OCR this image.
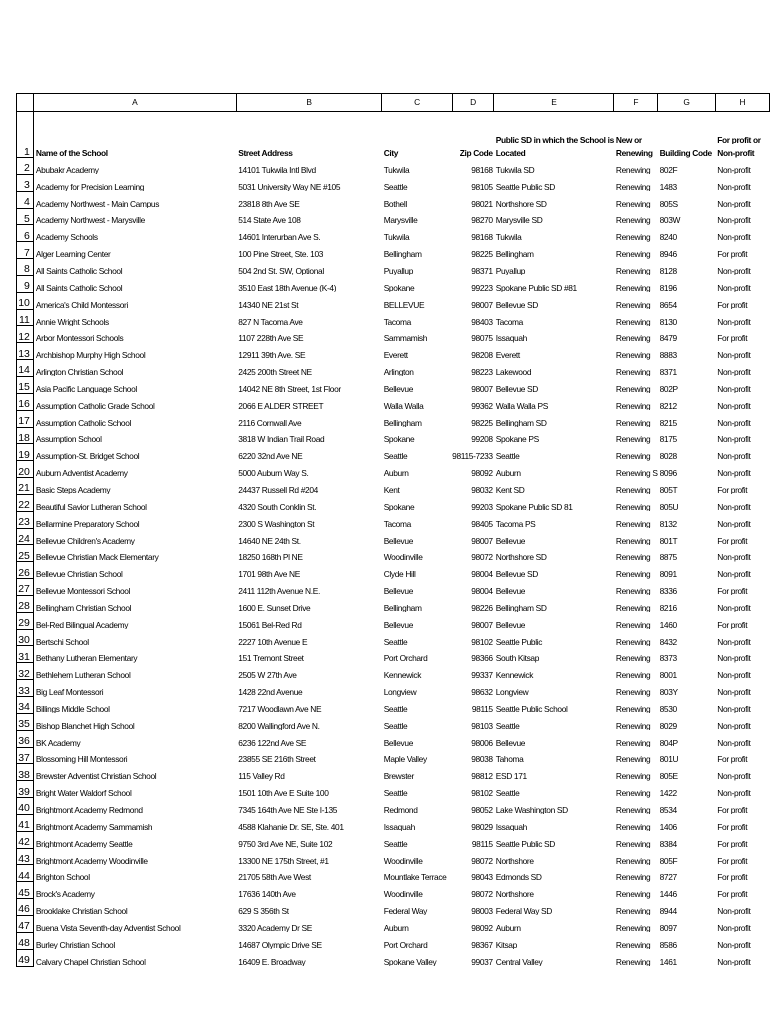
	A	B	C	D	E	F	G	H

					Public SD in which the School is	New or		For profit or
1	Name of the School	Street Address	City	Zip Code	Located	Renewing	Building Code	Non-profit
2	Abubakr Academy	14101 Tukwila Intl Blvd	Tukwila	98168	Tukwila SD	Renewing	802F	Non-profit
3	Academy for Precision Learning	5031 University Way NE #105	Seattle	98105	Seattle Public SD	Renewing	1483	Non-profit
4	Academy Northwest - Main Campus	23818 8th Ave SE	Bothell	98021	Northshore SD	Renewing	805S	Non-profit
5	Academy Northwest - Marysville	514 State Ave 108	Marysville	98270	Marysville SD	Renewing	803W	Non-profit
6	Academy Schools	14601 Interurban Ave S.	Tukwila	98168	Tukwila	Renewing	8240	Non-profit
7	Alger Learning Center	100 Pine Street, Ste. 103	Bellingham	98225	Bellingham	Renewing	8946	For profit
8	All Saints Catholic School	504 2nd St. SW, Optional	Puyallup	98371	Puyallup	Renewing	8128	Non-profit
9	All Saints Catholic School	3510 East 18th Avenue (K-4)	Spokane	99223	Spokane Public SD #81	Renewing	8196	Non-profit
10	America's Child Montessori	14340 NE 21st St	BELLEVUE	98007	Bellevue SD	Renewing	8654	For profit
11	Annie Wright Schools	827 N Tacoma Ave	Tacoma	98403	Tacoma	Renewing	8130	Non-profit
12	Arbor Montessori Schools	1107 228th Ave SE	Sammamish	98075	Issaquah	Renewing	8479	For profit
13	Archbishop Murphy High School	12911 39th Ave. SE	Everett	98208	Everett	Renewing	8883	Non-profit
14	Arlington Christian School	2425 200th Street NE	Arlington	98223	Lakewood	Renewing	8371	Non-profit
15	Asia Pacific Language School	14042 NE 8th Street, 1st Floor	Bellevue	98007	Bellevue SD	Renewing	802P	Non-profit
16	Assumption Catholic Grade School	2066 E ALDER STREET	Walla Walla	99362	Walla Walla PS	Renewing	8212	Non-profit
17	Assumption Catholic School	2116 Cornwall Ave	Bellingham	98225	Bellingham SD	Renewing	8215	Non-profit
18	Assumption School	3818 W Indian Trail Road	Spokane	99208	Spokane PS	Renewing	8175	Non-profit
19	Assumption-St. Bridget School	6220 32nd Ave NE	Seattle	98115-7233	Seattle	Renewing	8028	Non-profit
20	Auburn Adventist Academy	5000 Auburn Way S.	Auburn	98092	Auburn	Renewing S	8096	Non-profit
21	Basic Steps Academy	24437 Russell Rd #204	Kent	98032	Kent SD	Renewing	805T	For profit
22	Beautiful Savior Lutheran School	4320 South Conklin St.	Spokane	99203	Spokane Public SD 81	Renewing	805U	Non-profit
23	Bellarmine Preparatory School	2300 S Washington St	Tacoma	98405	Tacoma PS	Renewing	8132	Non-profit
24	Bellevue Children's Academy	14640 NE 24th St.	Bellevue	98007	Bellevue	Renewing	801T	For profit
25	Bellevue Christian Mack Elementary	18250 168th Pl NE	Woodinville	98072	Northshore SD	Renewing	8875	Non-profit
26	Bellevue Christian School	1701 98th Ave NE	Clyde Hill	98004	Bellevue SD	Renewing	8091	Non-profit
27	Bellevue Montessori School	2411 112th Avenue N.E.	Bellevue	98004	Bellevue	Renewing	8336	For profit
28	Bellingham Christian School	1600 E. Sunset Drive	Bellingham	98226	Bellingham SD	Renewing	8216	Non-profit
29	Bel-Red Bilingual Academy	15061 Bel-Red Rd	Bellevue	98007	Bellevue	Renewing	1460	For profit
30	Bertschi School	2227 10th Avenue E	Seattle	98102	Seattle Public	Renewing	8432	Non-profit
31	Bethany Lutheran Elementary	151 Tremont Street	Port Orchard	98366	South Kitsap	Renewing	8373	Non-profit
32	Bethlehem Lutheran School	2505 W 27th Ave	Kennewick	99337	Kennewick	Renewing	8001	Non-profit
33	Big Leaf Montessori	1428 22nd Avenue	Longview	98632	Longview	Renewing	803Y	Non-profit
34	Billings Middle School	7217 Woodlawn Ave NE	Seattle	98115	Seattle Public School	Renewing	8530	Non-profit
35	Bishop Blanchet High School	8200 Wallingford Ave N.	Seattle	98103	Seattle	Renewing	8029	Non-profit
36	BK Academy	6236 122nd Ave SE	Bellevue	98006	Bellevue	Renewing	804P	Non-profit
37	Blossoming Hill Montessori	23855 SE 216th Street	Maple Valley	98038	Tahoma	Renewing	801U	For profit
38	Brewster Adventist Christian School	115 Valley Rd	Brewster	98812	ESD 171	Renewing	805E	Non-profit
39	Bright Water Waldorf School	1501 10th Ave E Suite 100	Seattle	98102	Seattle	Renewing	1422	Non-profit
40	Brightmont Academy Redmond	7345 164th Ave NE Ste I-135	Redmond	98052	Lake Washington SD	Renewing	8534	For profit
41	Brightmont Academy Sammamish	4588 Klahanie Dr. SE, Ste. 401	Issaquah	98029	Issaquah	Renewing	1406	For profit
42	Brightmont Academy Seattle	9750 3rd Ave NE, Suite 102	Seattle	98115	Seattle Public SD	Renewing	8384	For profit
43	Brightmont Academy Woodinville	13300 NE 175th Street, #1	Woodinville	98072	Northshore	Renewing	805F	For profit
44	Brighton School	21705 58th Ave West	Mountlake Terrace	98043	Edmonds SD	Renewing	8727	For profit
45	Brock's Academy	17636 140th Ave	Woodinville	98072	Northshore	Renewing	1446	For profit
46	Brooklake Christian School	629 S 356th St	Federal Way	98003	Federal Way SD	Renewing	8944	Non-profit
47	Buena Vista Seventh-day Adventist School	3320 Academy Dr SE	Auburn	98092	Auburn	Renewing	8097	Non-profit
48	Burley Christian School	14687 Olympic Drive SE	Port Orchard	98367	Kitsap	Renewing	8586	Non-profit
49	Calvary Chapel Christian School	16409 E. Broadway	Spokane Valley	99037	Central Valley	Renewing	1461	Non-profit
